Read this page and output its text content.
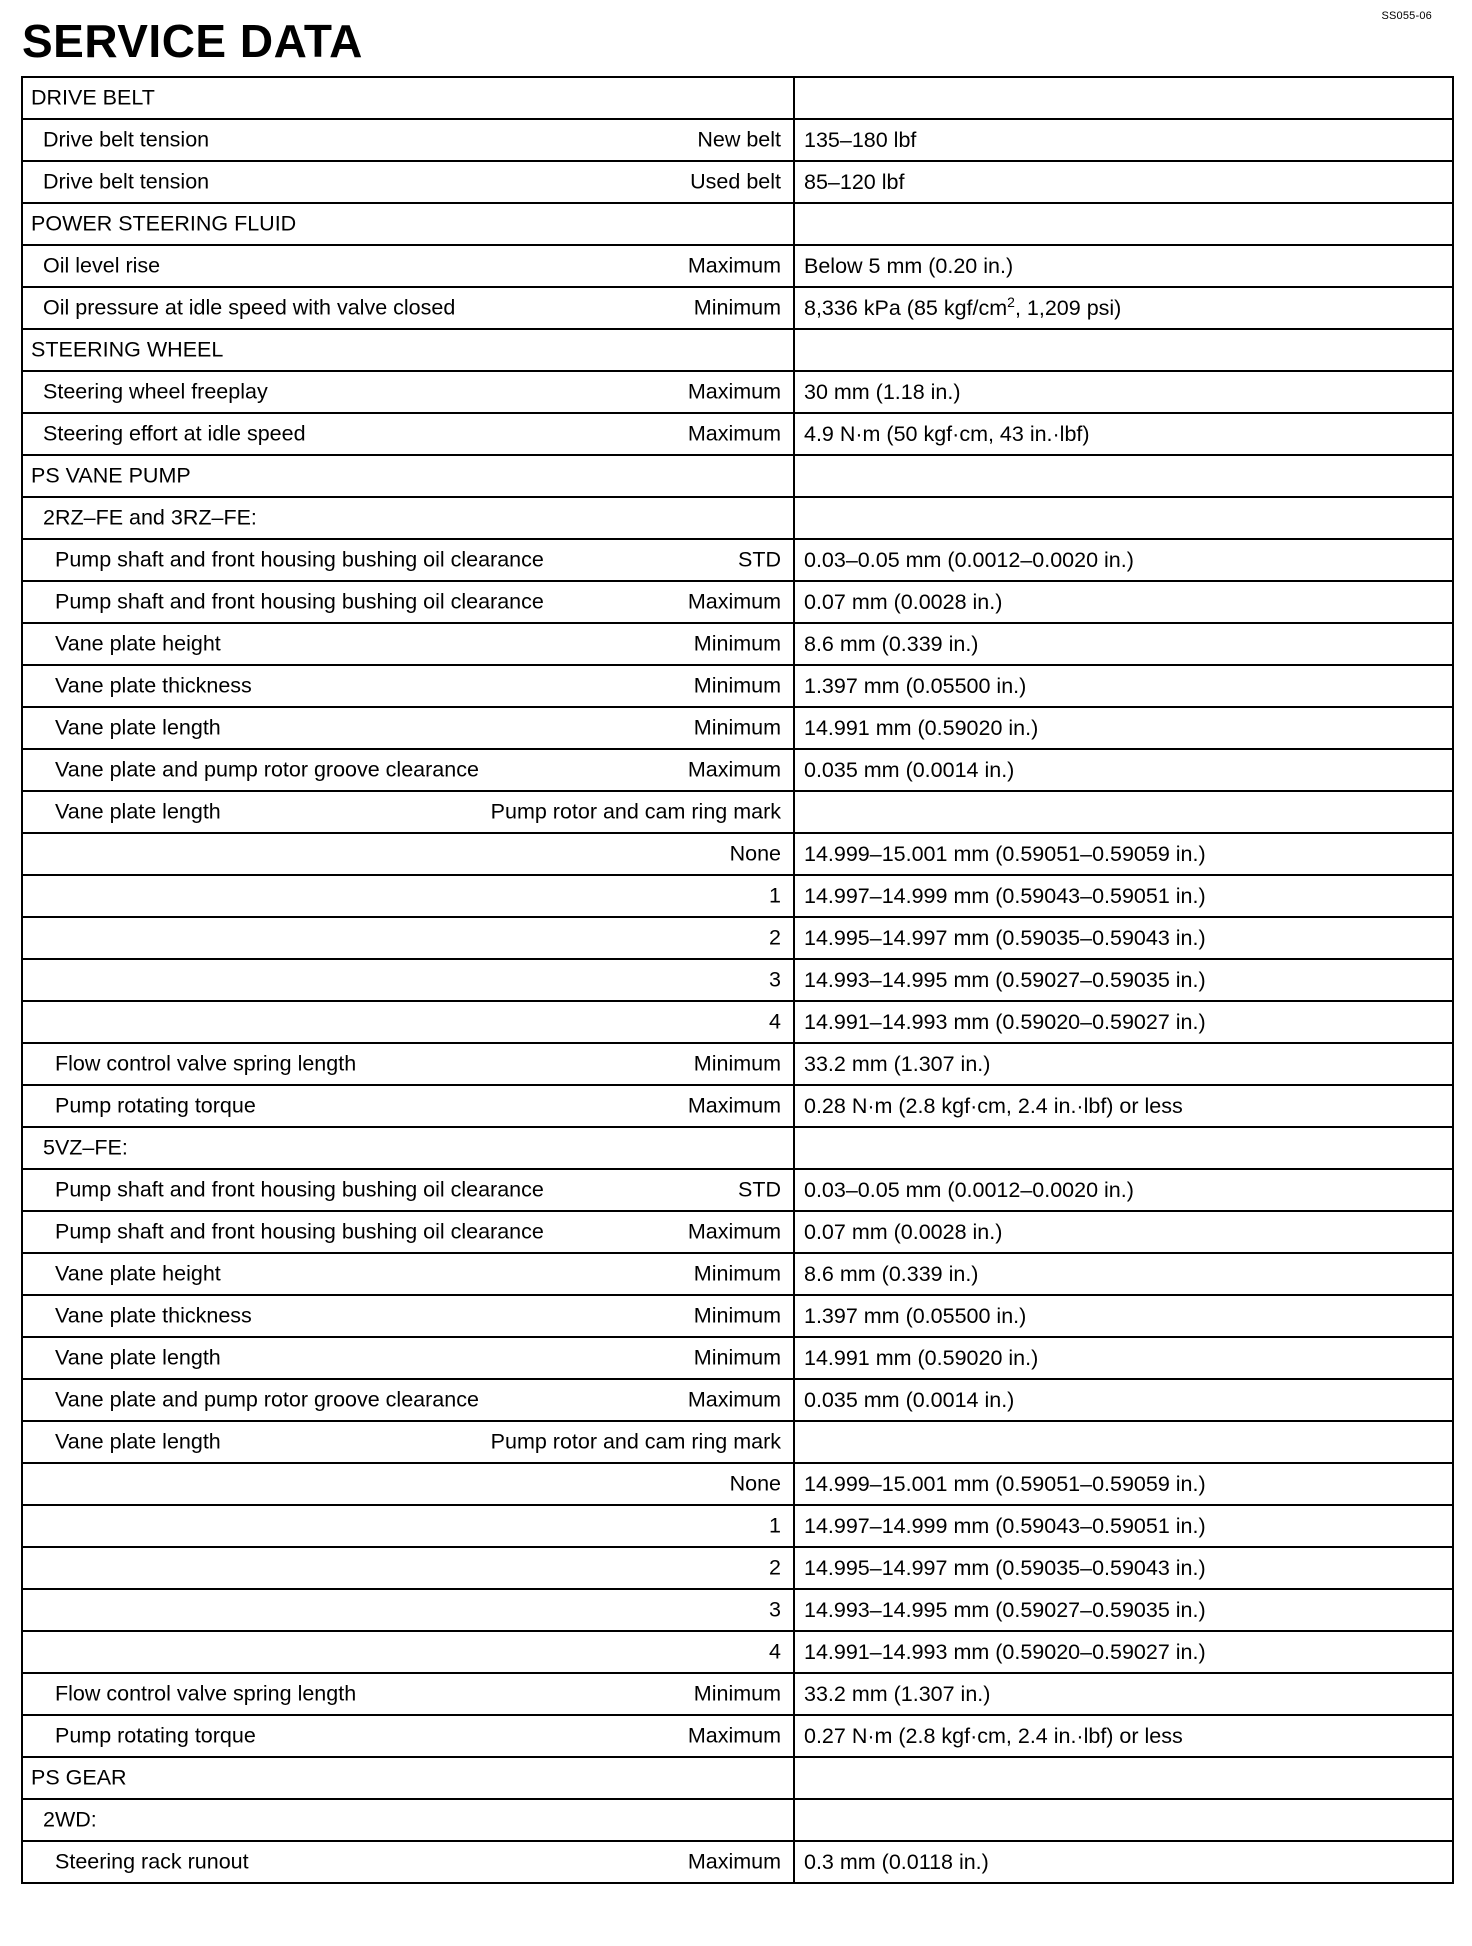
SS055-06
SERVICE DATA
DRIVE BELT	

Drive belt tension New belt	135–180 lbf

Drive belt tension Used belt	85–120 lbf

POWER STEERING FLUID	

Oil level rise Maximum	Below 5 mm (0.20 in.)

Oil pressure at idle speed with valve closed Minimum	8,336 kPa (85 kgf/$cm^2$, 1,209 psi)

STEERING WHEEL	

Steering wheel freeplay Maximum	30 mm (1.18 in.)

Steering effort at idle speed Maximum	4.9 N·m (50 kgf·cm, 43 in.·lbf)

PS VANE PUMP	

2RZ–FE and 3RZ–FE:	

Pump shaft and front housing bushing oil clearance STD	0.03–0.05 mm (0.0012–0.0020 in.)

Pump shaft and front housing bushing oil clearance Maximum	0.07 mm (0.0028 in.)

Vane plate height Minimum	8.6 mm (0.339 in.)

Vane plate thickness Minimum	1.397 mm (0.05500 in.)

Vane plate length Minimum	14.991 mm (0.59020 in.)

Vane plate and pump rotor groove clearance Maximum	0.035 mm (0.0014 in.)

Vane plate length Pump rotor and cam ring mark	

None	14.999–15.001 mm (0.59051–0.59059 in.)

1	14.997–14.999 mm (0.59043–0.59051 in.)

2	14.995–14.997 mm (0.59035–0.59043 in.)

3	14.993–14.995 mm (0.59027–0.59035 in.)

4	14.991–14.993 mm (0.59020–0.59027 in.)

Flow control valve spring length Minimum	33.2 mm (1.307 in.)

Pump rotating torque Maximum	0.28 N·m (2.8 kgf·cm, 2.4 in.·lbf) or less

5VZ–FE:	

Pump shaft and front housing bushing oil clearance STD	0.03–0.05 mm (0.0012–0.0020 in.)

Pump shaft and front housing bushing oil clearance Maximum	0.07 mm (0.0028 in.)

Vane plate height Minimum	8.6 mm (0.339 in.)

Vane plate thickness Minimum	1.397 mm (0.05500 in.)

Vane plate length Minimum	14.991 mm (0.59020 in.)

Vane plate and pump rotor groove clearance Maximum	0.035 mm (0.0014 in.)

Vane plate length Pump rotor and cam ring mark	

None	14.999–15.001 mm (0.59051–0.59059 in.)

1	14.997–14.999 mm (0.59043–0.59051 in.)

2	14.995–14.997 mm (0.59035–0.59043 in.)

3	14.993–14.995 mm (0.59027–0.59035 in.)

4	14.991–14.993 mm (0.59020–0.59027 in.)

Flow control valve spring length Minimum	33.2 mm (1.307 in.)

Pump rotating torque Maximum	0.27 N·m (2.8 kgf·cm, 2.4 in.·lbf) or less

PS GEAR	

2WD:	

Steering rack runout Maximum	0.3 mm (0.0118 in.)
